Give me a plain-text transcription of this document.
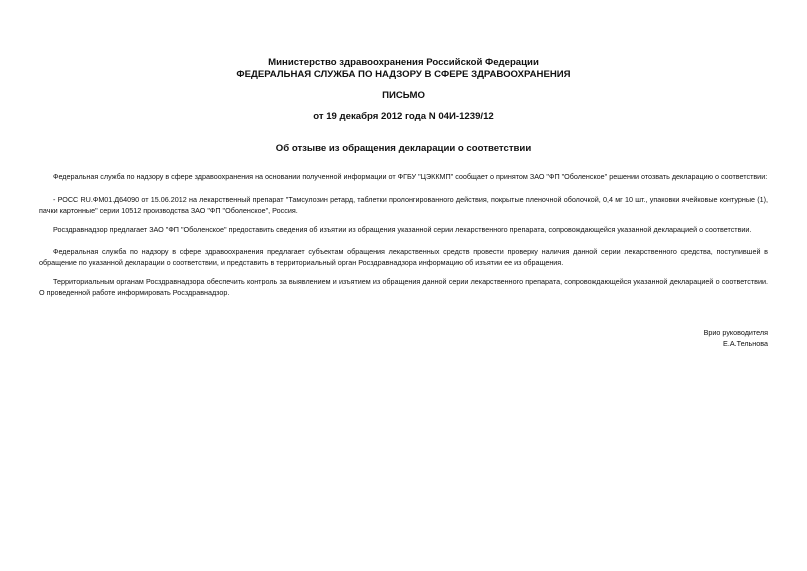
Министерство здравоохранения Российской Федерации
ФЕДЕРАЛЬНАЯ СЛУЖБА ПО НАДЗОРУ В СФЕРЕ ЗДРАВООХРАНЕНИЯ
ПИСЬМО
от 19 декабря 2012 года N 04И-1239/12
Об отзыве из обращения декларации о соответствии

Федеральная служба по надзору в сфере здравоохранения на основании полученной информации от ФГБУ "ЦЭККМП" сообщает о принятом ЗАО "ФП "Оболенское" решении отозвать декларацию о соответствии:

- РОСС RU.ФМ01.Д64090 от 15.06.2012 на лекарственный препарат "Тамсулозин ретард, таблетки пролонгированного действия, покрытые пленочной оболочкой, 0,4 мг 10 шт., упаковки ячейковые контурные (1), пачки картонные" серии 10512 производства ЗАО "ФП "Оболенское", Россия.

Росздравнадзор предлагает ЗАО "ФП "Оболенское" предоставить сведения об изъятии из обращения указанной серии лекарственного препарата, сопровождающейся указанной декларацией о соответствии.

Федеральная служба по надзору в сфере здравоохранения предлагает субъектам обращения лекарственных средств провести проверку наличия данной серии лекарственного средства, поступившей в обращение по указанной декларации о соответствии, и представить в территориальный орган Росздравнадзора информацию об изъятии ее из обращения.

Территориальным органам Росздравнадзора обеспечить контроль за выявлением и изъятием из обращения данной серии лекарственного препарата, сопровождающейся указанной декларацией о соответствии. О проведенной работе информировать Росздравнадзор.

Врио руководителя
Е.А.Тельнова
